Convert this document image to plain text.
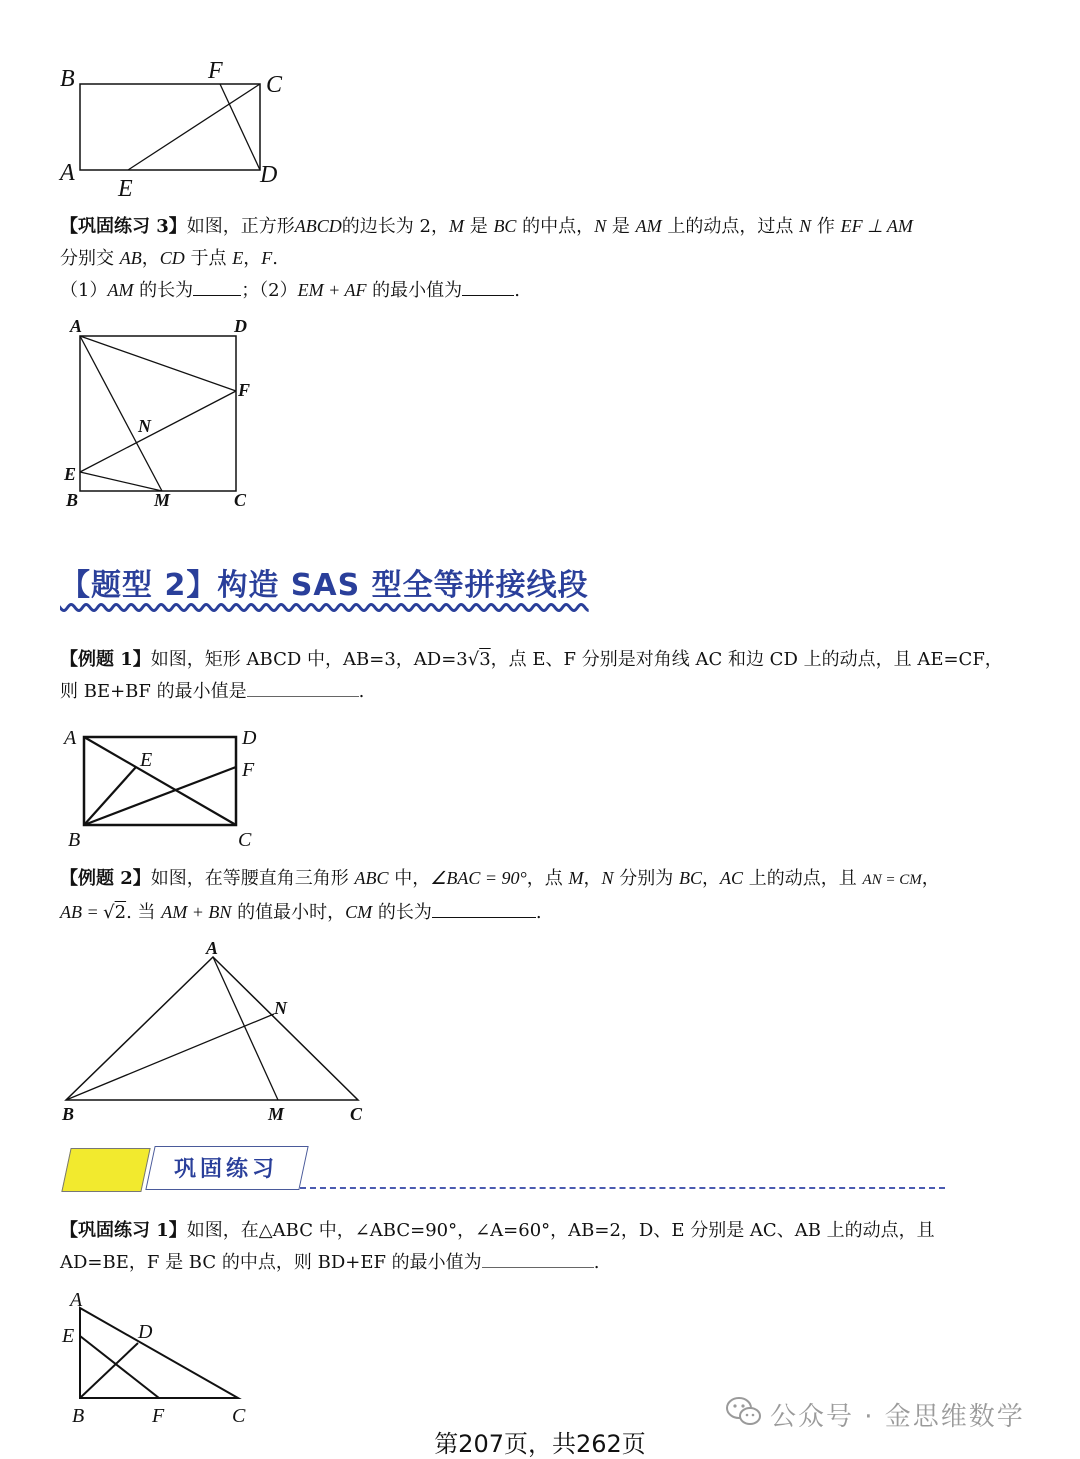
B	F
C
A
E
D
【巩固练习 3】如图，正方形ABCD的边长为 2，M 是 BC 的中点，N 是 AM 上的动点，过点 N 作 EF ⊥ AM
分别交 AB，CD 于点 E，F.
（1）AM 的长为	；（2）EM + AF 的最小值为	.
A	D
F
N
E
B	M	C
【题型 2】构造 SAS 型全等拼接线段
【例题 1】如图，矩形 ABCD 中，AB=3，AD=3√3，点 E、F 分别是对角线 AC 和边 CD 上的动点，且 AE=CF，
则 BE+BF 的最小值是	.
A	D
E	F
B	C
【例题 2】如图，在等腰直角三角形 ABC 中，∠BAC = 90°，点 M，N 分别为 BC，AC 上的动点，且 AN = CM，
AB = √2. 当 AM + BN 的值最小时，CM 的长为	.
A
N
B	M	C
巩固练习
【巩固练习 1】如图，在△ABC 中，∠ABC=90°，∠A=60°，AB=2，D、E 分别是 AC、AB 上的动点，且
AD=BE，F 是 BC 的中点，则 BD+EF 的最小值为	.
A
E	D
B	F	C	公众号 · 金思维数学
第207页，共262页
